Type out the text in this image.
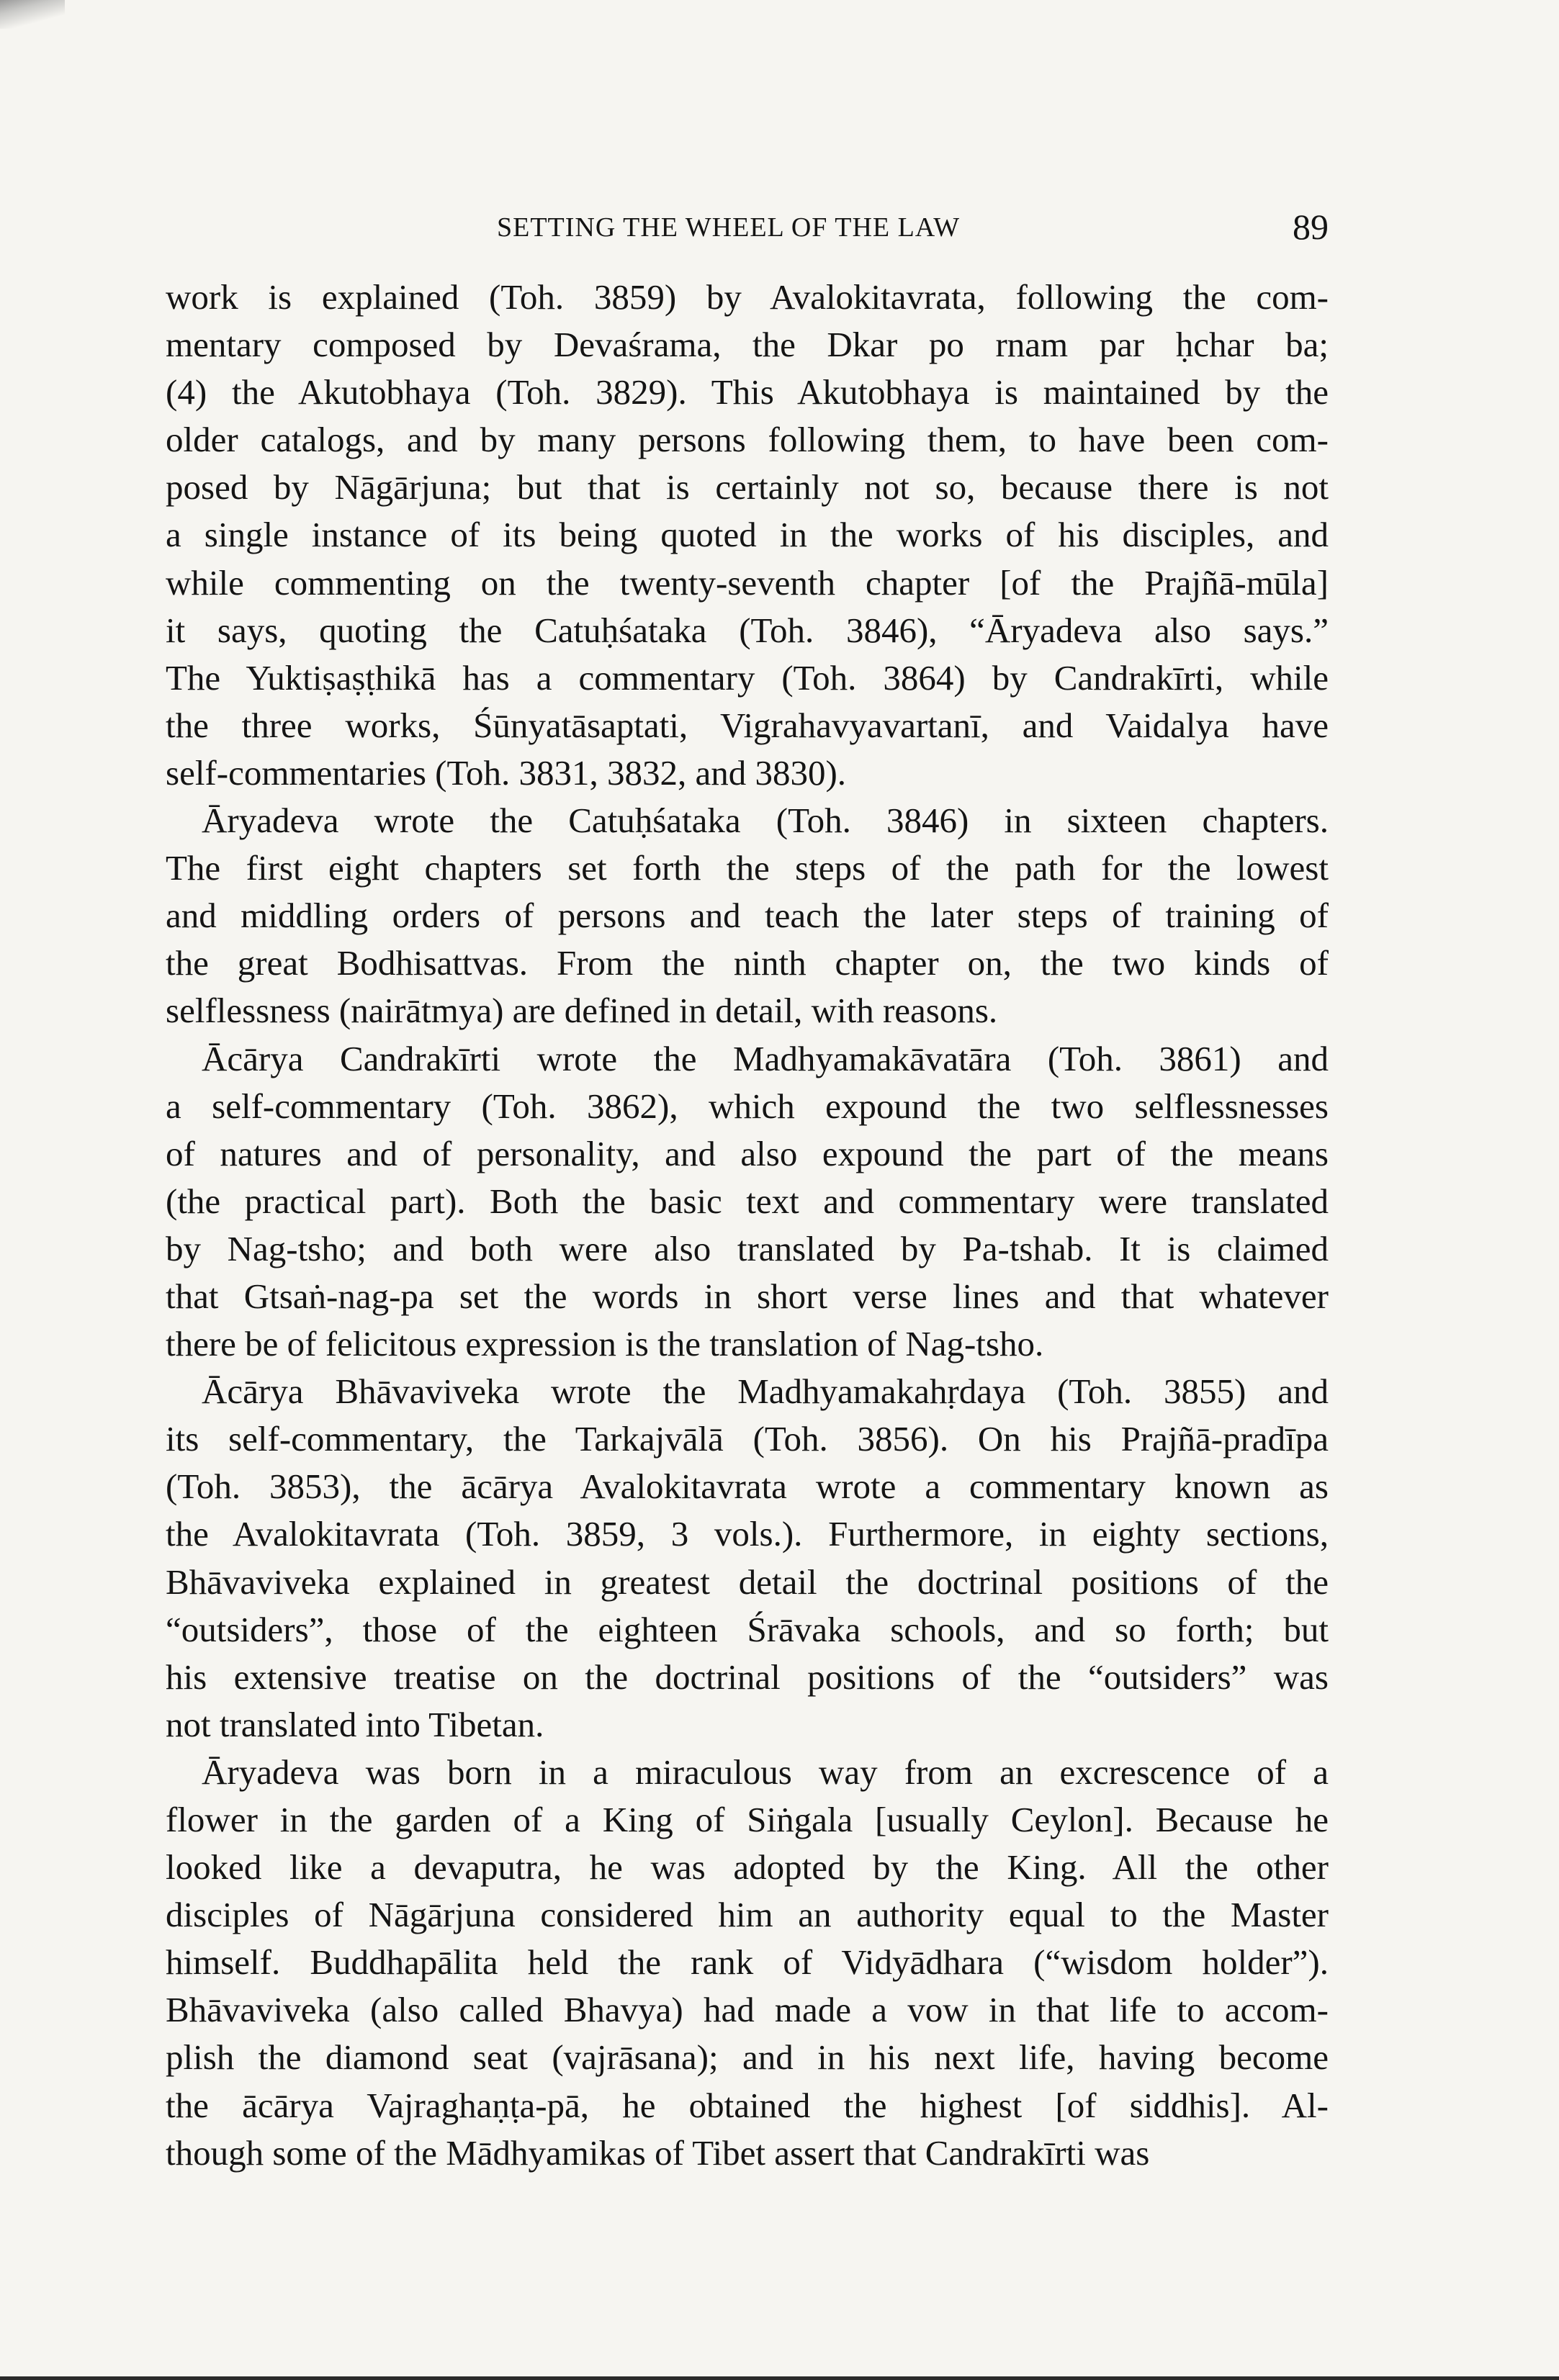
SETTING THE WHEEL OF THE LAW	89
work is explained (Toh. 3859) by Avalokitavrata, following the com-
mentary composed by Devaśrama, the Dkar po rnam par ḥchar ba;
(4) the Akutobhaya (Toh. 3829). This Akutobhaya is maintained by the
older catalogs, and by many persons following them, to have been com-
posed by Nāgārjuna; but that is certainly not so, because there is not
a single instance of its being quoted in the works of his disciples, and
while commenting on the twenty-seventh chapter [of the Prajñā-mūla]
it says, quoting the Catuḥśataka (Toh. 3846), “Āryadeva also says.”
The Yuktiṣaṣṭhikā has a commentary (Toh. 3864) by Candrakīrti, while
the three works, Śūnyatāsaptati, Vigrahavyavartanī, and Vaidalya have
self-commentaries (Toh. 3831, 3832, and 3830).
Āryadeva wrote the Catuḥśataka (Toh. 3846) in sixteen chapters.
The first eight chapters set forth the steps of the path for the lowest
and middling orders of persons and teach the later steps of training of
the great Bodhisattvas. From the ninth chapter on, the two kinds of
selflessness (nairātmya) are defined in detail, with reasons.
Ācārya Candrakīrti wrote the Madhyamakāvatāra (Toh. 3861) and
a self-commentary (Toh. 3862), which expound the two selflessnesses
of natures and of personality, and also expound the part of the means
(the practical part). Both the basic text and commentary were translated
by Nag-tsho; and both were also translated by Pa-tshab. It is claimed
that Gtsaṅ-nag-pa set the words in short verse lines and that whatever
there be of felicitous expression is the translation of Nag-tsho.
Ācārya Bhāvaviveka wrote the Madhyamakahṛdaya (Toh. 3855) and
its self-commentary, the Tarkajvālā (Toh. 3856). On his Prajñā-pradīpa
(Toh. 3853), the ācārya Avalokitavrata wrote a commentary known as
the Avalokitavrata (Toh. 3859, 3 vols.). Furthermore, in eighty sections,
Bhāvaviveka explained in greatest detail the doctrinal positions of the
“outsiders”, those of the eighteen Śrāvaka schools, and so forth; but
his extensive treatise on the doctrinal positions of the “outsiders” was
not translated into Tibetan.
Āryadeva was born in a miraculous way from an excrescence of a
flower in the garden of a King of Siṅgala [usually Ceylon]. Because he
looked like a devaputra, he was adopted by the King. All the other
disciples of Nāgārjuna considered him an authority equal to the Master
himself. Buddhapālita held the rank of Vidyādhara (“wisdom holder”).
Bhāvaviveka (also called Bhavya) had made a vow in that life to accom-
plish the diamond seat (vajrāsana); and in his next life, having become
the ācārya Vajraghaṇṭa-pā, he obtained the highest [of siddhis]. Al-
though some of the Mādhyamikas of Tibet assert that Candrakīrti was
